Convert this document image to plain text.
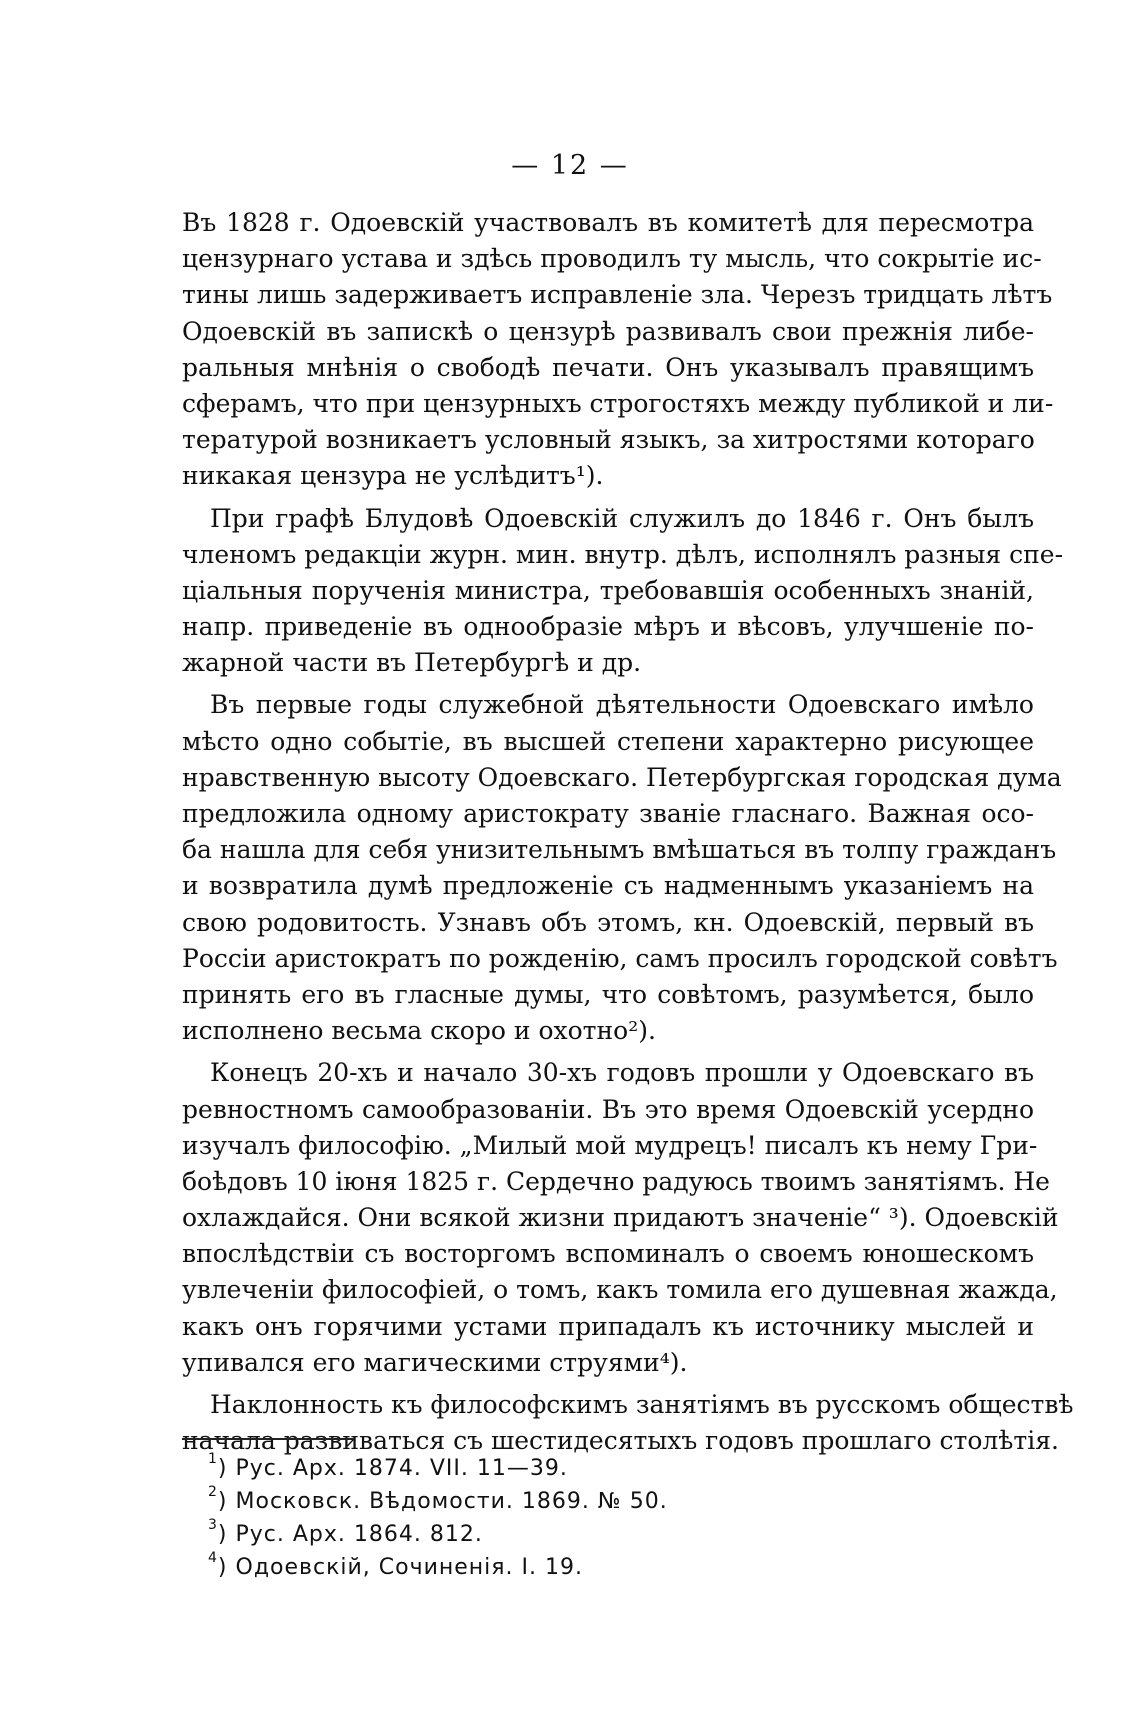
— 12 —
Въ 1828 г. Одоевскій участвовалъ въ комитетѣ для пересмотра
цензурнаго устава и здѣсь проводилъ ту мысль, что сокрытіе ис-
тины лишь задерживаетъ исправленіе зла. Черезъ тридцать лѣтъ
Одоевскій въ запискѣ о цензурѣ развивалъ свои прежнія либе-
ральныя мнѣнія о свободѣ печати. Онъ указывалъ правящимъ
сферамъ, что при цензурныхъ строгостяхъ между публикой и ли-
тературой возникаетъ условный языкъ, за хитростями котораго
никакая цензура не услѣдитъ¹).
При графѣ Блудовѣ Одоевскій служилъ до 1846 г. Онъ былъ
членомъ редакціи журн. мин. внутр. дѣлъ, исполнялъ разныя спе-
ціальныя порученія министра, требовавшія особенныхъ знаній,
напр. приведеніе въ однообразіе мѣръ и вѣсовъ, улучшеніе по-
жарной части въ Петербургѣ и др.
Въ первые годы служебной дѣятельности Одоевскаго имѣло
мѣсто одно событіе, въ высшей степени характерно рисующее
нравственную высоту Одоевскаго. Петербургская городская дума
предложила одному аристократу званіе гласнаго. Важная осо-
ба нашла для себя унизительнымъ вмѣшаться въ толпу гражданъ
и возвратила думѣ предложеніе съ надменнымъ указаніемъ на
свою родовитость. Узнавъ объ этомъ, кн. Одоевскій, первый въ
Россіи аристократъ по рожденію, самъ просилъ городской совѣтъ
принять его въ гласные думы, что совѣтомъ, разумѣется, было
исполнено весьма скоро и охотно²).
Конецъ 20-хъ и начало 30-хъ годовъ прошли у Одоевскаго въ
ревностномъ самообразованіи. Въ это время Одоевскій усердно
изучалъ философію. „Милый мой мудрецъ! писалъ къ нему Гри-
боѣдовъ 10 іюня 1825 г. Сердечно радуюсь твоимъ занятіямъ. Не
охлаждайся. Они всякой жизни придаютъ значеніе“ ³). Одоевскій
впослѣдствіи съ восторгомъ вспоминалъ о своемъ юношескомъ
увлеченіи философіей, о томъ, какъ томила его душевная жажда,
какъ онъ горячими устами припадалъ къ источнику мыслей и
упивался его магическими струями⁴).
Наклонность къ философскимъ занятіямъ въ русскомъ обществѣ
начала развиваться съ шестидесятыхъ годовъ прошлаго столѣтія.
$^1$) Рус. Арх. 1874. VII. 11—39.
$^2$) Московск. Вѣдомости. 1869. № 50.
$^3$) Рус. Арх. 1864. 812.
$^4$) Одоевскій, Сочиненія. I. 19.
